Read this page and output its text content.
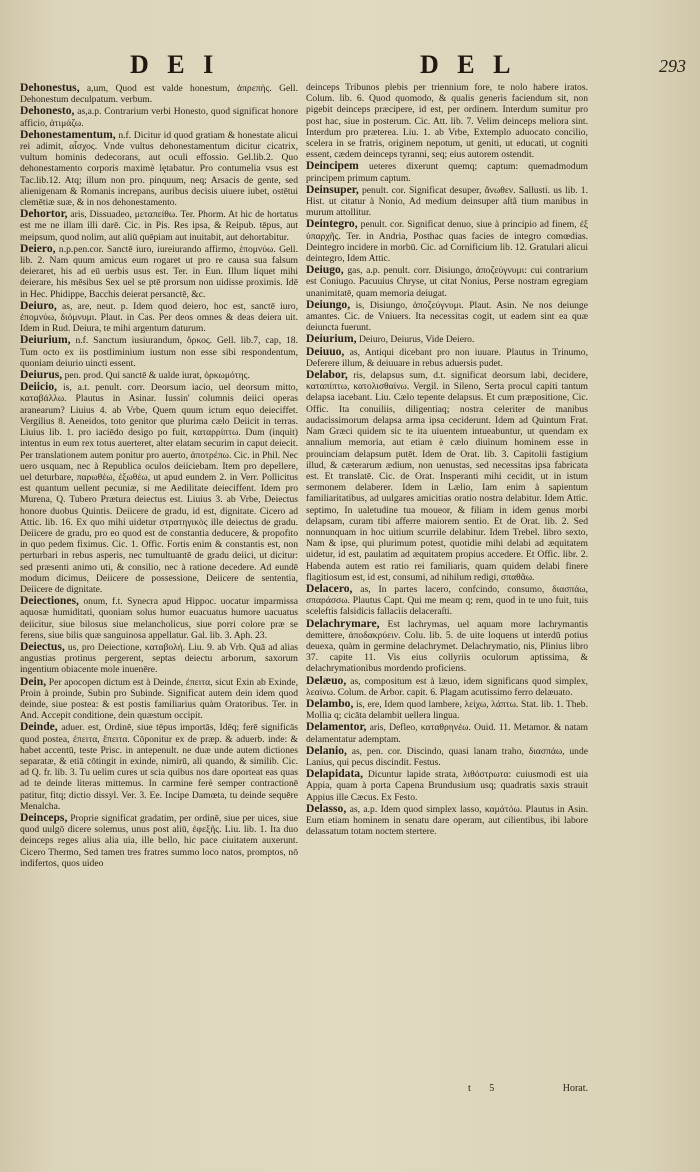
D E I	D E L	293
Dehonestus, a,um, Quod est valde honestum, ἀπρεπὴς. Gell. Dehonestum deculpatum. verbum.
Dehonesto, as,a.p. Contrarium verbi Honesto, quod significat honore afficio, ἀτιμάζω.
Dehonestamentum, n.f. Dicitur id quod gratiam & honestate alicui rei adimit, αἶσχος. Vnde vultus dehonestamentum dicitur cicatrix, vultum hominis dedecorans, aut oculi effossio. Gel.lib.2. Quo dehonestamento corporis maximè lętabatur. Pro contumelia vsus est Tac.lib.12. Atq; illum non pro. pinquum, neq; Arsacis de gente, sed alienigenam & Romanis increpans, auribus decisis uiuere iubet, ostētui clemētiæ suæ, & in nos dehonestamento.
Dehortor, aris, Dissuadeo, μεταπείθω. Ter. Phorm. At hic de hortatus est me ne illam illi darē. Cic. in Pis. Res ipsa, & Reipub. tēpus, aut meipsum, quod nolim, aut aliū quēpiam aut inuitabit, aut dehortabitur.
Deiero, n.p.pen.cor. Sanctē iuro, iureiurando affirmo, ἐπομνύω. Gell. lib. 2. Nam quum amicus eum rogaret ut pro re causa sua falsum deieraret, his ad eū uerbis usus est. Ter. in Eun. Illum liquet mihi deierare, his mēsibus Sex uel se ptē prorsum non uidisse proximis. Idē in Hec. Phidippe, Bacchis deierat persanctē, &c.
Deiuro, as, are, neut. p. Idem quod deiero, hoc est, sanctē iuro, ἐπομνύω, διόμνυμι. Plaut. in Cas. Per deos omnes & deas deiera uit. Idem in Rud. Deiura, te mihi argentum daturum.
Deiurium, n.f. Sanctum iusiurandum, ὅρκος. Gell. lib.7, cap, 18. Tum octo ex iis postliminium iustum non esse sibi respondentum, quoniam deiurio uincti essent.
Deiurus, pen. prod. Qui sanctē & ualde iurat, ὀρκωμότης.
Deiicio, is, a.t. penult. corr. Deorsum iacio, uel deorsum mitto, καταβάλλω. Plautus in Asinar. Iussin' columnis deiici operas aranearum? Liuius 4. ab Vrbe, Quem quum ictum equo deieciffet. Vergilius 8. Aeneidos, toto genitor que plurima cælo Deiicit in terras. Liuius lib. 1. pro iaciēdo desigo po fuit, καταρρίπτω. Dum (inquit) intentus in eum rex totus auerteret, alter elatam securim in caput deiecit. Per translationem autem ponitur pro auerto, ἀποτρέπω. Cic. in Phil. Nec uero usquam, nec à Republica oculos deiiciebam. Item pro depellere, uel deturbare, παρωθέω, ἐξωθέω, ut apud eundem 2. in Verr. Pollicitus est quantum uellent pecuniæ, si me Aedilitate deieciffent. Idem pro Murena, Q. Tubero Prætura deiectus est. Liuius 3. ab Vrbe, Deiectus honore duobus Quintis. Deiicere de gradu, id est, dignitate. Cicero ad Attic. lib. 16. Ex quo mihi uidetur στρατηγικὸς ille deiectus de gradu. Deiicere de gradu, pro eo quod est de constantia deducere, & propofito in quo pedem fiximus. Cic. 1. Offic. Fortis enim & constantis est, non perturbari in rebus asperis, nec tumultuantē de gradu deiici, ut dicitur: sed præsenti animo uti, & consilio, nec à ratione decedere. Ad eundē modum dicimus, Deiicere de possessione, Deiicere de sententia, Deiicere de dignitate.
Deiectiones, onum, f.t. Synecra apud Hippoc. uocatur imparmissa aquosæ humiditati, quoniam solus humor euacuatus humore uacuatus deiicitur, siue bilosus siue melancholicus, siue porri colore præ se ferens, siue bilis quæ sanguinosa appellatur. Gal. lib. 3. Aph. 23.
Deiectus, us, pro Deiectione, καταβολή. Liu. 9. ab Vrb. Quā ad alias angustias protinus pergerent, septas deiectu arborum, saxorum ingentium obiacente mole inuenēre.
Dein, Per apocopen dictum est à Deinde, ἐπειτα, sicut Exin ab Exinde, Proin à proinde, Subin pro Subinde. Significat autem dein idem quod deinde, siue postea: & est postis familiarius quàm Oratoribus. Ter. in And. Accepit conditione, dein quæstum occipit.
Deinde, aduer. est, Ordinē, siue tēpus importās, Idēq; ferē significās quod postea, ἐπειτα, ἔπειτα. Cōponitur ex de præp. & aduerb. inde: & habet accentū, teste Prisc. in antepenult. ne duæ unde autem dictiones separatæ, & etiā cōtingit in exinde, nimirū, ali quando, & similib. Cic. ad Q. fr. lib. 3. Tu uelim cures ut scia quibus nos dare oporteat eas quas ad te deinde literas mittemus. In carmine ferè semper contractionē patitur, fitq; dictio dissyl. Ver. 3. Ee. Incipe Damœta, tu deinde sequēre Menalcha.
Deinceps, Proprie significat gradatim, per ordinē, siue per uices, siue quod uulgō dicere solemus, unus post aliū, ἐφεξῆς. Liu. lib. 1. Ita duo deinceps reges alius alia uia, ille bello, hic pace ciuitatem auxerunt. Cicero Thermo, Sed tamen tres fratres summo loco natos, promptos, nō indifertos, quos uideo
deinceps Tribunos plebis per triennium fore, te nolo habere iratos. Colum. lib. 6. Quod quomodo, & qualis generis faciendum sit, non pigebit deinceps præcipere, id est, per ordinem. Interdum sumitur pro post hac, siue in posterum. Cic. Att. lib. 7. Velim deinceps meliora sint. Interdum pro præterea. Liu. 1. ab Vrbe, Extemplo aduocato concilio, scelera in se fratris, originem nepotum, ut geniti, ut educati, ut cogniti essent, cædem deinceps tyranni, seq; eius autorem ostendit.
Deincipem ueteres dixerunt quemq; captum: quemadmodum principem primum captum.
Deinsuper, penult. cor. Significat desuper, ἄνωθεν. Sallusti. us lib. 1. Hist. ut citatur à Nonio, Ad medium deinsuper aſtã tium manibus in murum attollitur.
Deintegro, penult. cor. Significat denuo, siue à principio ad finem, ἐξ ὑπαρχῆς. Ter. in Andria, Posthac quas facies de integro comœdias. Deintegro incidere in morbū. Cic. ad Cornificium lib. 12. Gratulari alicui deintegro, Idem Attic.
Deiugo, gas, a.p. penult. corr. Disiungo, ἀποζεύγνυμι: cui contrarium est Coniugo. Pacuuius Chryse, ut citat Nonius, Perse nostram egregiam unanimitatē, quam memoria deiugat.
Deiungo, is, Disiungo, ἀποζεύγνυμι. Plaut. Asin. Ne nos deiunge amantes. Cic. de Vniuers. Ita necessitas cogit, ut eadem sint ea quæ deiuncta fuerunt.
Deiurium, Deiuro, Deiurus, Vide Deiero.
Deiuuo, as, Antiqui dicebant pro non iuuare. Plautus in Trinumo, Deferere illum, & deiuuare in rebus aduersis pudet.
Delabor, ris, delapsus sum, d.t. significat deorsum labi, decidere, καταπίπτω, κατολισθαίνω. Vergil. in Sileno, Serta procul capiti tantum delapsa iacebant. Liu. Cælo tepente delapsus. Et cum præpositione, Cic. Offic. Ita conuiliis, diligentiaq; nostra celeriter de manibus audacissimorum delapsa arma ipsa ceciderunt. Idem ad Quintum Frat. Nam Græci quidem sic te ita uiuentem intueabuntur, ut quendam ex annalium memoria, aut etiam è cælo diuinum hominem esse in prouinciam delapsum putēt. Idem de Orat. lib. 3. Capitolii fastigium illud, & cæterarum ædium, non uenustas, sed necessitas ipsa fabricata est. Et translatē. Cic. de Orat. Insperanti mihi cecidit, ut in istum sermonem delaberer. Idem in Lælio, Iam enim à sapientum familiaritatibus, ad uulgares amicitias oratio nostra delabitur. Idem Attic. septimo, In ualetudine tua moueor, & filiam in idem genus morbi delapsam, curam tibi afferre maiorem sentio. Et de Orat. lib. 2. Sed nonnunquam in hoc uitium scurrile delabitur. Idem Trebel. libro sexto, Nam & ipse, qui plurimum potest, quotidie mihi delabi ad æquitatem uidetur, id est, paulatim ad æquitatem propius accedere. Et Offic. libr. 2. Habenda autem est ratio rei familiaris, quam quidem delabi finere flagitiosum est, id est, consumi, ad nihilum redigi, σπαθᾶω.
Delacero, as, In partes lacero, confcindo, consumo, διασπάω, σπαράσσω. Plautus Capt. Qui me meam q; rem, quod in te uno fuit, tuis sceleftis falsidicis fallaciis delaceraſti.
Delachrymare, Est lachrymas, uel aquam more lachrymantis demittere, ἀποδακρύειν. Colu. lib. 5. de uite loquens ut interdū potius deuexa, quàm in germine delachrymet. Delachrymatio, nis, Plinius libro 37. capite 11. Vis eius collyriis oculorum aptissima, & delachrymationibus mordendo proficiens.
Delæuo, as, compositum est à læuo, idem significans quod simplex, λεαίνω. Colum. de Arbor. capit. 6. Plagam acutissimo ferro delæuato.
Delambo, is, ere, Idem quod lambere, λείχω, λάπτω. Stat. lib. 1. Theb. Mollia q; cicāta delambit uellera lingua.
Delamentor, aris, Defleo, καταθρηνέω. Ouid. 11. Metamor. & natam delamentatur ademptam.
Delanio, as, pen. cor. Discindo, quasi lanam traho, διασπάω, unde Lanius, qui pecus discindit. Festus.
Delapidata, Dicuntur lapide strata, λιθόστρωτα: cuiusmodi est uia Appia, quam à porta Capena Brundusium usq; quadratis saxis strauit Appius ille Cæcus. Ex Festo.
Delasso, as, a.p. Idem quod simplex lasso, καμάτόω. Plautus in Asin. Eum etiam hominem in senatu dare operam, aut cilientibus, ibi labore delassatum totam noctem stertere.
t 5	Horat.
